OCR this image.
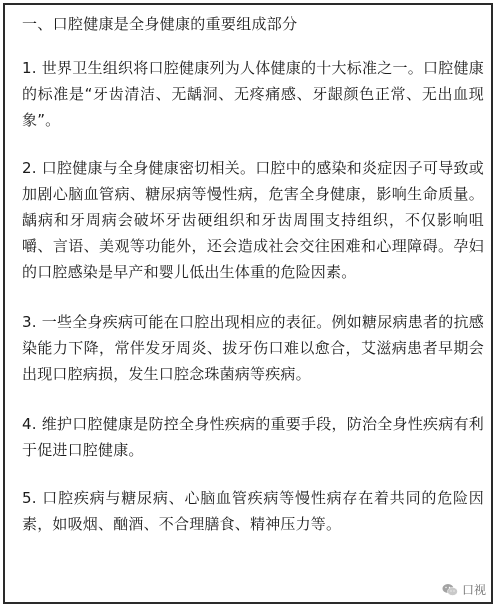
一、口腔健康是全身健康的重要组成部分

1. 世界卫生组织将口腔健康列为人体健康的十大标准之一。口腔健康的标准是“牙齿清洁、无龋洞、无疼痛感、牙龈颜色正常、无出血现象”。

2. 口腔健康与全身健康密切相关。口腔中的感染和炎症因子可导致或加剧心脑血管病、糖尿病等慢性病，危害全身健康，影响生命质量。龋病和牙周病会破坏牙齿硬组织和牙齿周围支持组织，不仅影响咀嚼、言语、美观等功能外，还会造成社会交往困难和心理障碍。孕妇的口腔感染是早产和婴儿低出生体重的危险因素。

3. 一些全身疾病可能在口腔出现相应的表征。例如糖尿病患者的抗感染能力下降，常伴发牙周炎、拔牙伤口难以愈合，艾滋病患者早期会出现口腔病损，发生口腔念珠菌病等疾病。

4. 维护口腔健康是防控全身性疾病的重要手段，防治全身性疾病有利于促进口腔健康。

5. 口腔疾病与糖尿病、心脑血管疾病等慢性病存在着共同的危险因素，如吸烟、酗酒、不合理膳食、精神压力等。

口视
